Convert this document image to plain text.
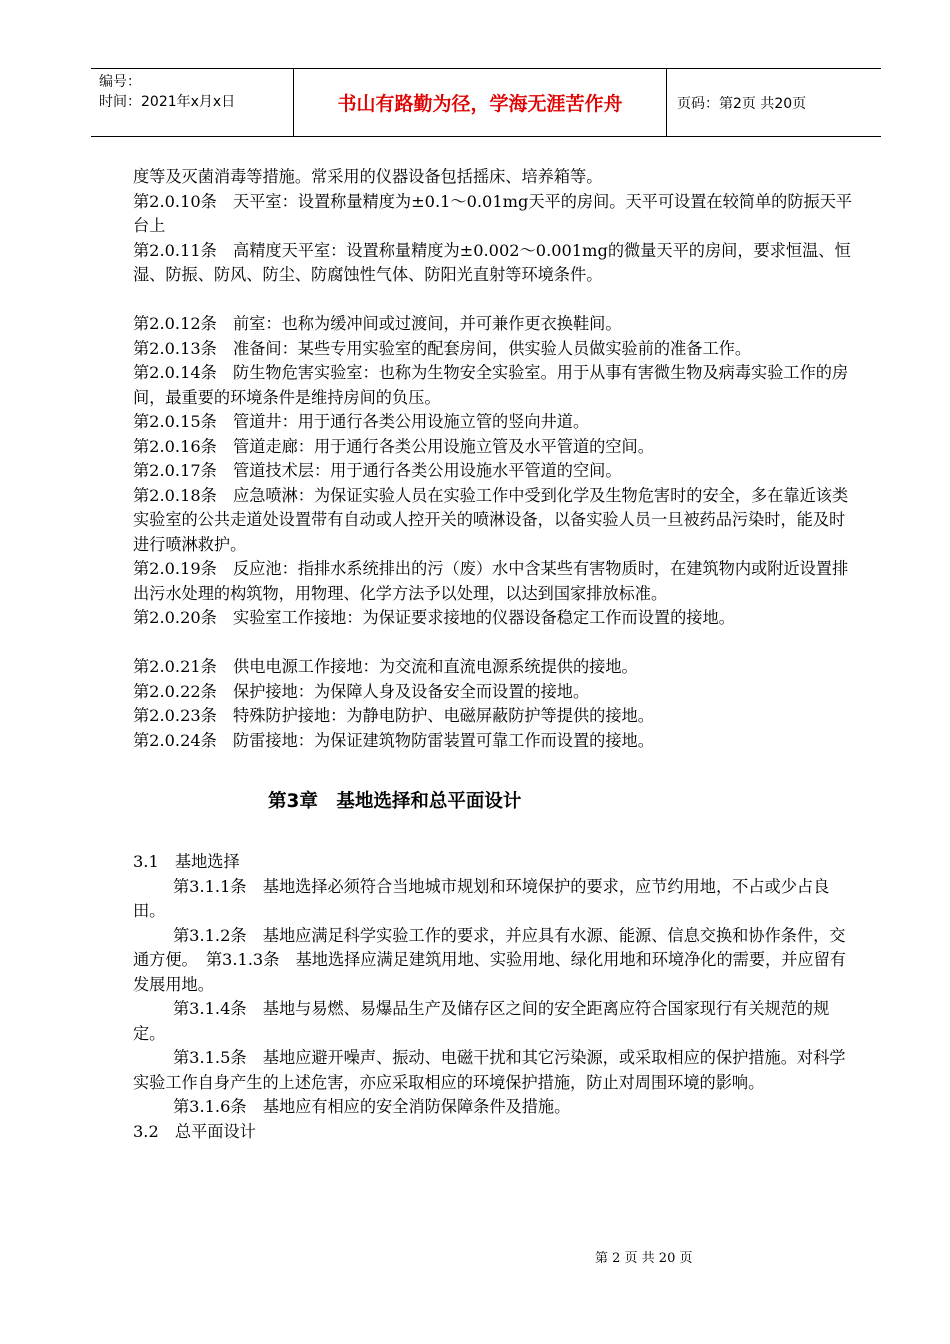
编号：
时间：2021年x月x日	书山有路勤为径，学海无涯苦作舟	页码：第2页 共20页

度等及灭菌消毒等措施。常采用的仪器设备包括摇床、培养箱等。

第2.0.10条　天平室：设置称量精度为±0.1～0.01mg天平的房间。天平可设置在较简单的防振天平台上

第2.0.11条　高精度天平室：设置称量精度为±0.002～0.001mg的微量天平的房间，要求恒温、恒湿、防振、防风、防尘、防腐蚀性气体、防阳光直射等环境条件。

第2.0.12条　前室：也称为缓冲间或过渡间，并可兼作更衣换鞋间。

第2.0.13条　准备间：某些专用实验室的配套房间，供实验人员做实验前的准备工作。

第2.0.14条　防生物危害实验室：也称为生物安全实验室。用于从事有害微生物及病毒实验工作的房间，最重要的环境条件是维持房间的负压。

第2.0.15条　管道井：用于通行各类公用设施立管的竖向井道。

第2.0.16条　管道走廊：用于通行各类公用设施立管及水平管道的空间。

第2.0.17条　管道技术层：用于通行各类公用设施水平管道的空间。

第2.0.18条　应急喷淋：为保证实验人员在实验工作中受到化学及生物危害时的安全，多在靠近该类实验室的公共走道处设置带有自动或人控开关的喷淋设备，以备实验人员一旦被药品污染时，能及时进行喷淋救护。

第2.0.19条　反应池：指排水系统排出的污（废）水中含某些有害物质时，在建筑物内或附近设置排出污水处理的构筑物，用物理、化学方法予以处理，以达到国家排放标准。

第2.0.20条　实验室工作接地：为保证要求接地的仪器设备稳定工作而设置的接地。

第2.0.21条　供电电源工作接地：为交流和直流电源系统提供的接地。

第2.0.22条　保护接地：为保障人身及设备安全而设置的接地。

第2.0.23条　特殊防护接地：为静电防护、电磁屏蔽防护等提供的接地。

第2.0.24条　防雷接地：为保证建筑物防雷装置可靠工作而设置的接地。

第3章　基地选择和总平面设计

3.1　基地选择

第3.1.1条　基地选择必须符合当地城市规划和环境保护的要求，应节约用地，不占或少占良田。

第3.1.2条　基地应满足科学实验工作的要求，并应具有水源、能源、信息交换和协作条件，交通方便。　第3.1.3条　基地选择应满足建筑用地、实验用地、绿化用地和环境净化的需要，并应留有发展用地。

第3.1.4条　基地与易燃、易爆品生产及储存区之间的安全距离应符合国家现行有关规范的规定。

第3.1.5条　基地应避开噪声、振动、电磁干扰和其它污染源，或采取相应的保护措施。对科学实验工作自身产生的上述危害，亦应采取相应的环境保护措施，防止对周围环境的影响。

第3.1.6条　基地应有相应的安全消防保障条件及措施。

3.2　总平面设计

第 2 页 共 20 页
